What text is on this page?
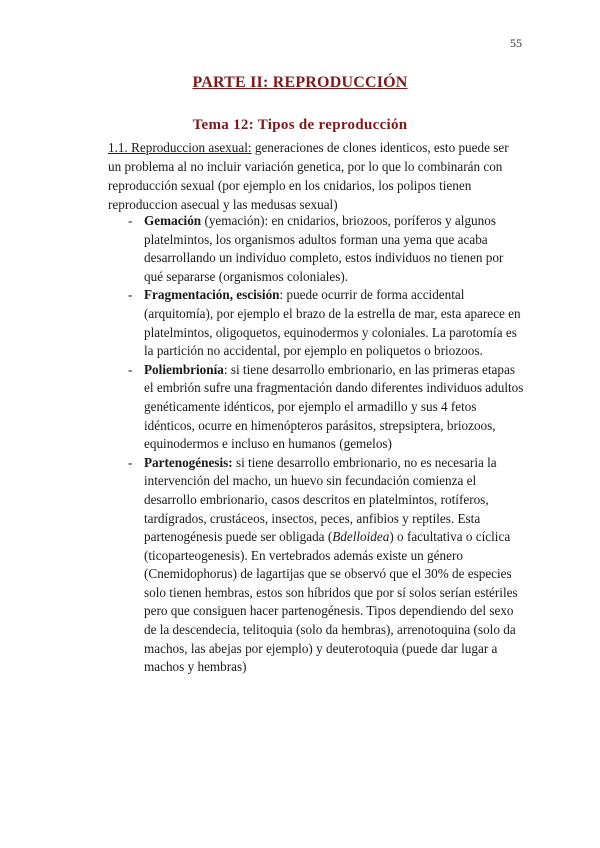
55
PARTE II: REPRODUCCIÓN
Tema 12: Tipos de reproducción

1.1. Reproduccion asexual: generaciones de clones identicos, esto puede ser un problema al no incluir variación genetica, por lo que lo combinarán con reproducción sexual (por ejemplo en los cnidarios, los polipos tienen reproduccion asecual y las medusas sexual)

- Gemación (yemación): en cnidarios, briozoos, poríferos y algunos platelmintos, los organismos adultos forman una yema que acaba desarrollando un individuo completo, estos individuos no tienen por qué separarse (organismos coloniales).
- Fragmentación, escisión: puede ocurrir de forma accidental (arquitomía), por ejemplo el brazo de la estrella de mar, esta aparece en platelmintos, oligoquetos, equinodermos y coloniales. La parotomía es la partición no accidental, por ejemplo en poliquetos o briozoos.
- Poliembrionía: si tiene desarrollo embrionario, en las primeras etapas el embrión sufre una fragmentación dando diferentes individuos adultos genéticamente idénticos, por ejemplo el armadillo y sus 4 fetos idénticos, ocurre en himenópteros parásitos, strepsiptera, briozoos, equinodermos e incluso en humanos (gemelos)
- Partenogénesis: si tiene desarrollo embrionario, no es necesaria la intervención del macho, un huevo sin fecundación comienza el desarrollo embrionario, casos descritos en platelmintos, rotíferos, tardígrados, crustáceos, insectos, peces, anfibios y reptiles. Esta partenogénesis puede ser obligada (Bdelloidea) o facultativa o cíclica (ticoparteogenesis). En vertebrados además existe un género (Cnemidophorus) de lagartijas que se observó que el 30% de especies solo tienen hembras, estos son híbridos que por sí solos serían estériles pero que consiguen hacer partenogénesis. Tipos dependiendo del sexo de la descendecia, telitoquia (solo da hembras), arrenotoquina (solo da machos, las abejas por ejemplo) y deuterotoquia (puede dar lugar a machos y hembras)
